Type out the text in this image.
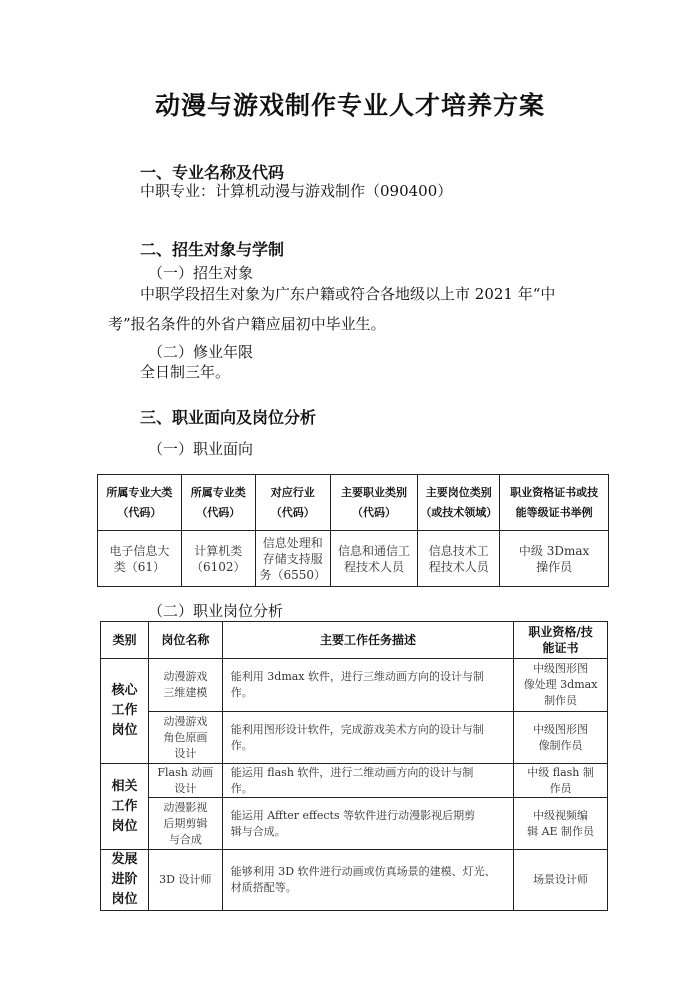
动漫与游戏制作专业人才培养方案
一、专业名称及代码
中职专业：计算机动漫与游戏制作（090400）
二、招生对象与学制
（一）招生对象
中职学段招生对象为广东户籍或符合各地级以上市 2021 年“中
考”报名条件的外省户籍应届初中毕业生。
（二）修业年限
全日制三年。
三、职业面向及岗位分析
（一）职业面向
所属专业大类
（代码）	所属专业类
（代码）	对应行业
（代码）	主要职业类别
（代码）	主要岗位类别
（或技术领域）	职业资格证书或技
能等级证书举例
电子信息大
类（61）	计算机类
（6102）	信息处理和
存储支持服
务（6550）	信息和通信工
程技术人员	信息技术工
程技术人员	中级 3Dmax
操作员
（二）职业岗位分析
类别	岗位名称	主要工作任务描述	职业资格/技
能证书
核心
工作
岗位	动漫游戏
三维建模	能利用 3dmax 软件，进行三维动画方向的设计与制
作。	中级图形图
像处理 3dmax
制作员
	动漫游戏
角色原画
设计	能利用图形设计软件，完成游戏美术方向的设计与制
作。	中级图形图
像制作员
相关
工作
岗位	Flash 动画
设计	能运用 flash 软件，进行二维动画方向的设计与制
作。	中级 flash 制
作员
	动漫影视
后期剪辑
与合成	能运用 Affter effects 等软件进行动漫影视后期剪
辑与合成。	中级视频编
辑 AE 制作员
发展
进阶
岗位	3D 设计师	能够利用 3D 软件进行动画或仿真场景的建模、灯光、
材质搭配等。	场景设计师
